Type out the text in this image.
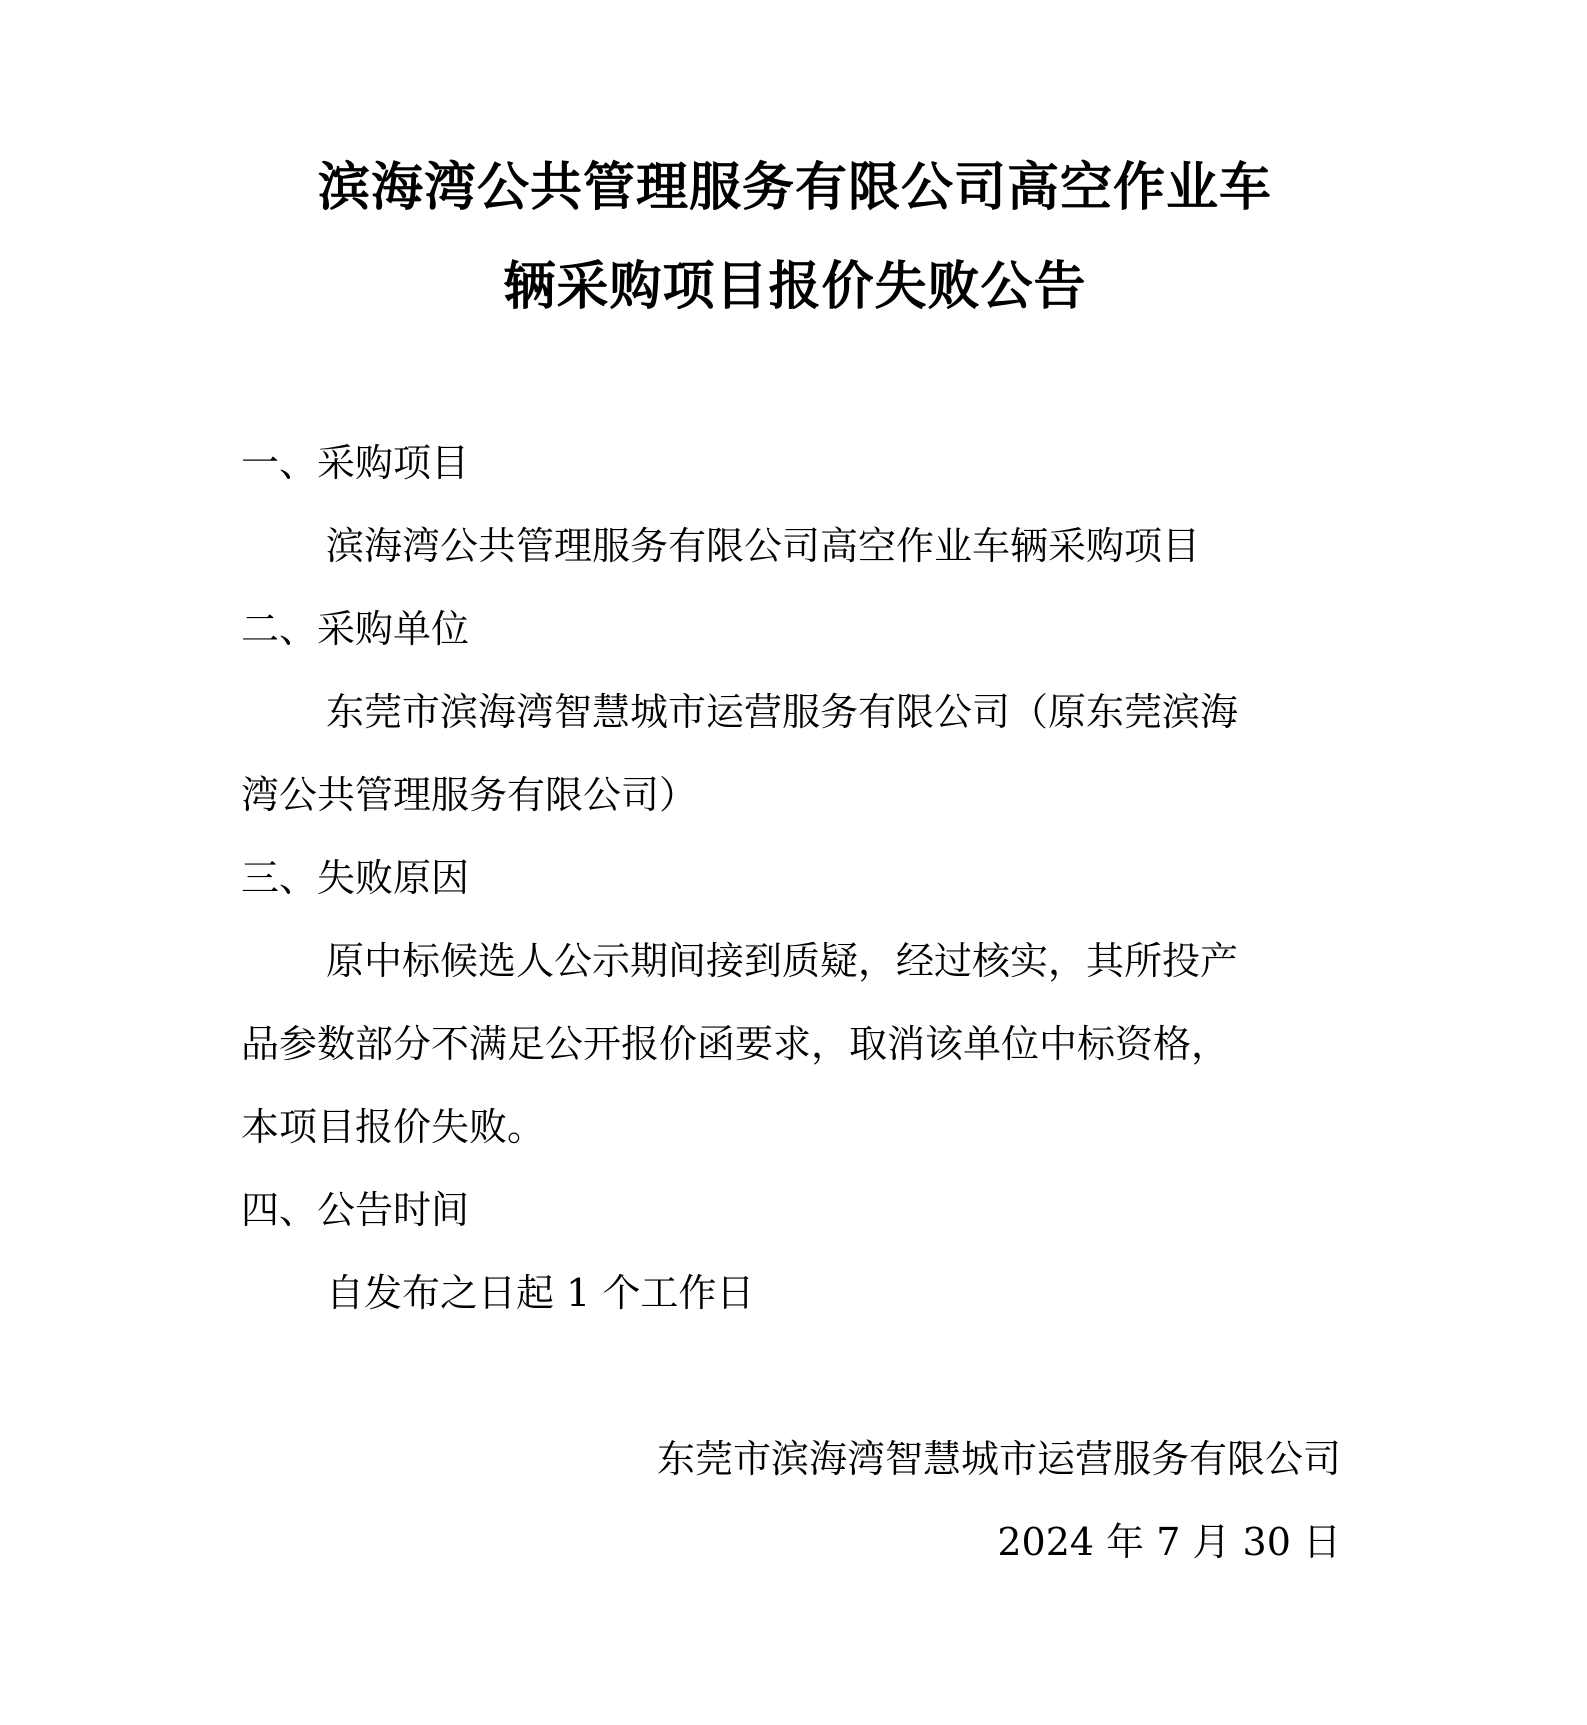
滨海湾公共管理服务有限公司高空作业车
辆采购项目报价失败公告
一、采购项目
滨海湾公共管理服务有限公司高空作业车辆采购项目
二、采购单位
东莞市滨海湾智慧城市运营服务有限公司（原东莞滨海
湾公共管理服务有限公司）
三、失败原因
原中标候选人公示期间接到质疑，经过核实，其所投产
品参数部分不满足公开报价函要求，取消该单位中标资格，
本项目报价失败。
四、公告时间
自发布之日起 1 个工作日
东莞市滨海湾智慧城市运营服务有限公司
2024 年 7 月 30 日
